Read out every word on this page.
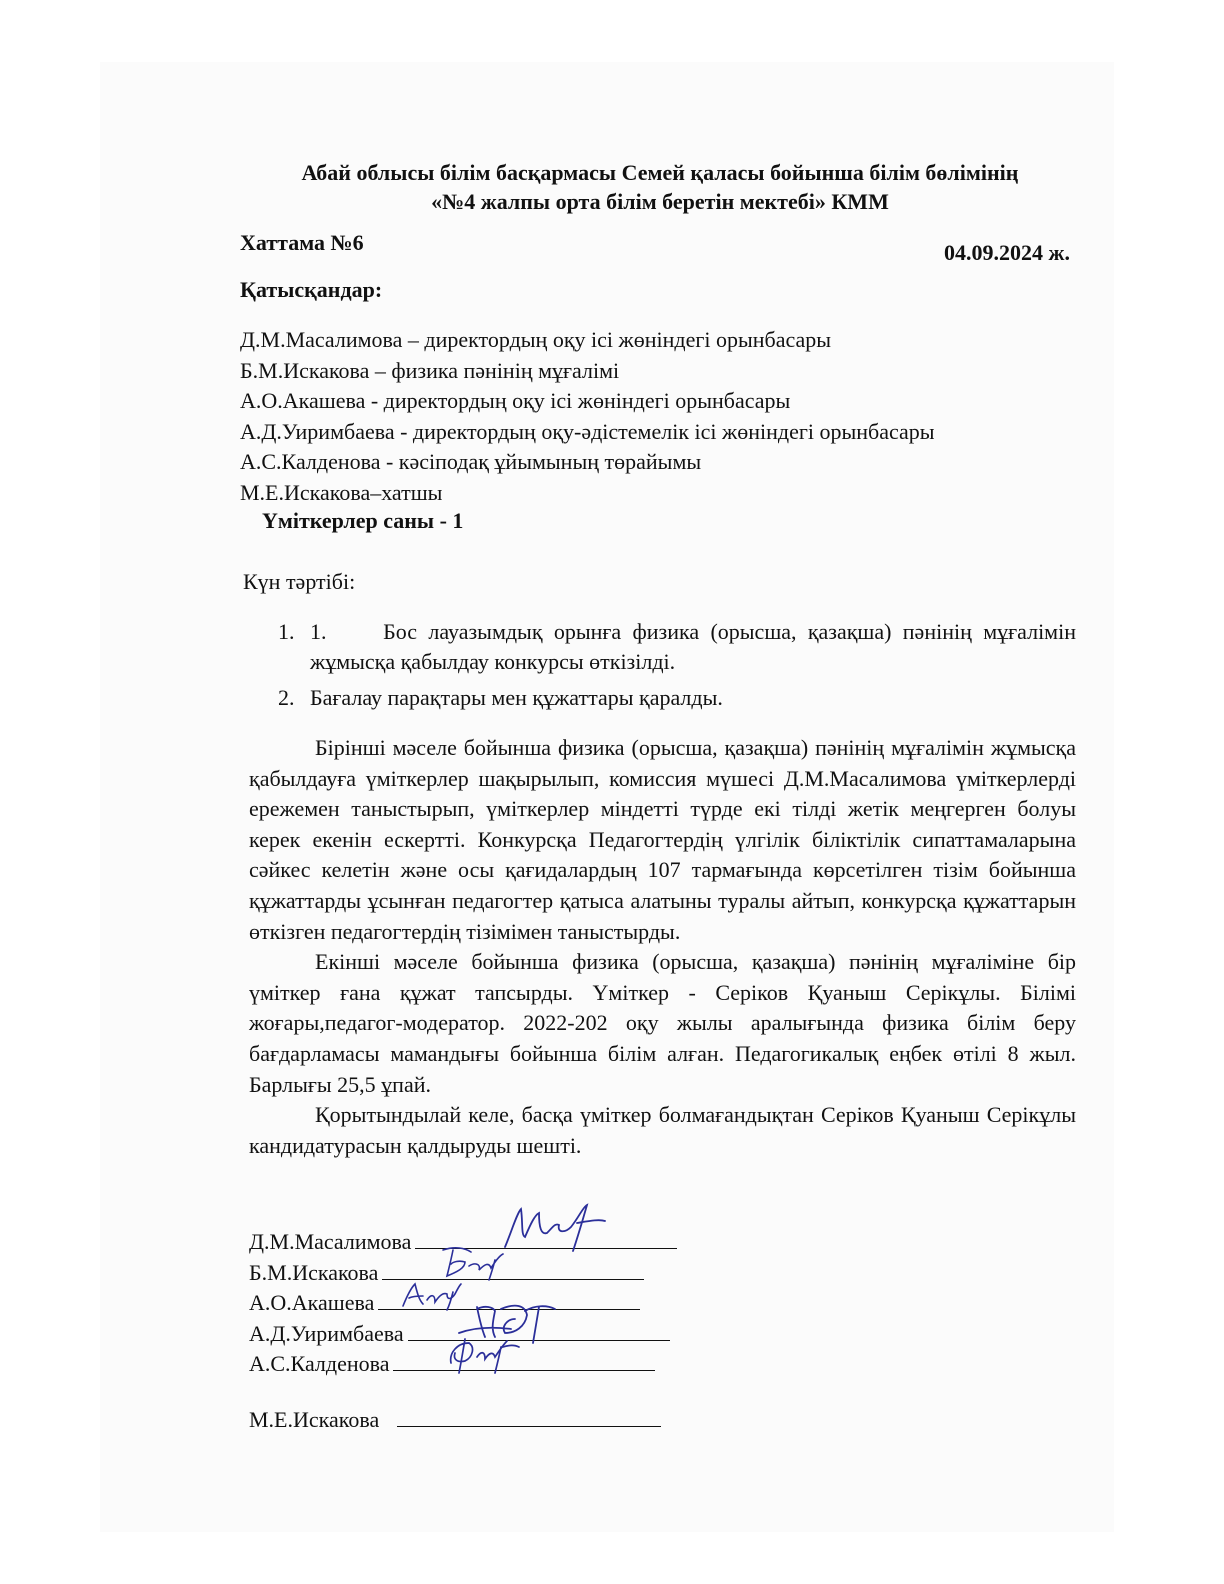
Абай облысы білім басқармасы Семей қаласы бойынша білім бөлімінің
«№4 жалпы орта білім беретін мектебі» КММ
Хаттама №6	04.09.2024 ж.
Қатысқандар:
Д.М.Масалимова – директордың оқу ісі жөніндегі орынбасары
Б.М.Искакова – физика пәнінің мұғалімі
А.О.Акашева - директордың оқу ісі жөніндегі орынбасары
А.Д.Уиримбаева - директордың оқу-әдістемелік ісі жөніндегі орынбасары
А.С.Калденова - кәсіподақ ұйымының төрайымы
М.Е.Искакова–хатшы
Үміткерлер саны - 1
Күн тәртібі:
1. 1.     Бос лауазымдық орынға физика (орысша, қазақша) пәнінің мұғалімін жұмысқа қабылдау конкурсы өткізілді.
2. Бағалау парақтары мен құжаттары қаралды.

Бірінші мәселе бойынша физика (орысша, қазақша) пәнінің мұғалімін жұмысқа қабылдауға үміткерлер шақырылып, комиссия мүшесі Д.М.Масалимова үміткерлерді ережемен таныстырып, үміткерлер міндетті түрде екі тілді жетік меңгерген болуы керек екенін ескертті. Конкурсқа Педагогтердің үлгілік біліктілік сипаттамаларына сәйкес келетін және осы қағидалардың 107 тармағында көрсетілген тізім бойынша құжаттарды ұсынған педагогтер қатыса алатыны туралы айтып, конкурсқа құжаттарын өткізген педагогтердің тізімімен таныстырды.

Екінші мәселе бойынша физика (орысша, қазақша) пәнінің мұғаліміне бір үміткер ғана құжат тапсырды. Үміткер - Серіков Қуаныш Серікұлы. Білімі жоғары,педагог-модератор. 2022-202 оқу жылы аралығында физика білім беру бағдарламасы мамандығы бойынша білім алған. Педагогикалық еңбек өтілі 8 жыл. Барлығы 25,5 ұпай.

Қорытындылай келе, басқа үміткер болмағандықтан Серіков Қуаныш Серікұлы кандидатурасын қалдыруды шешті.

Д.М.Масалимова
Б.М.Искакова
А.О.Акашева
А.Д.Уиримбаева
А.С.Калденова
М.Е.Искакова
